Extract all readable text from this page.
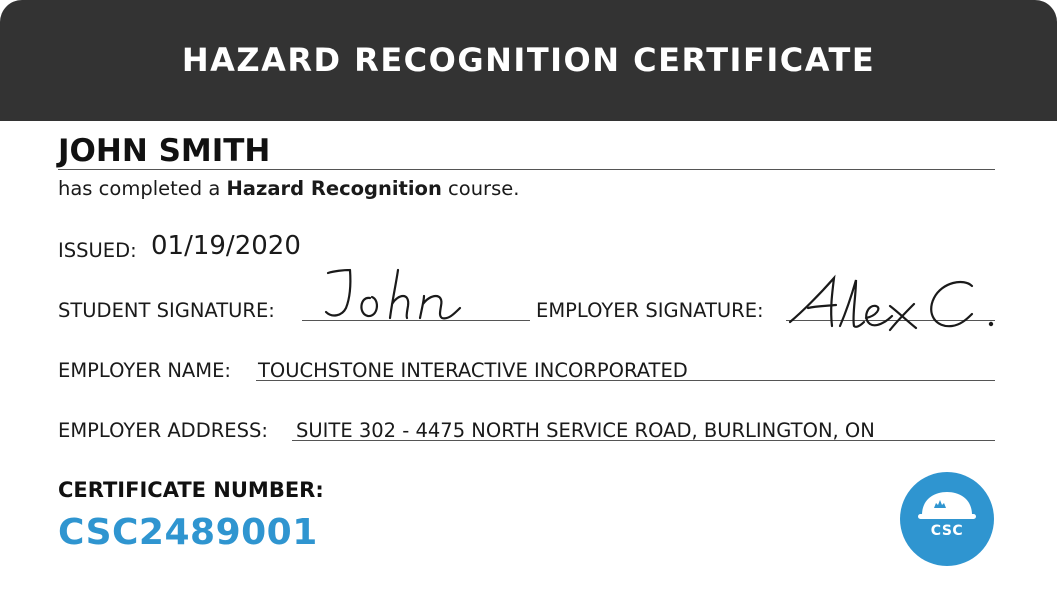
HAZARD RECOGNITION CERTIFICATE
JOHN SMITH
has completed a Hazard Recognition course.
ISSUED: 01/19/2020
STUDENT SIGNATURE:	EMPLOYER SIGNATURE:
EMPLOYER NAME: TOUCHSTONE INTERACTIVE INCORPORATED
EMPLOYER ADDRESS: SUITE 302 - 4475 NORTH SERVICE ROAD, BURLINGTON, ON
CERTIFICATE NUMBER:
CSC2489001	CSC
